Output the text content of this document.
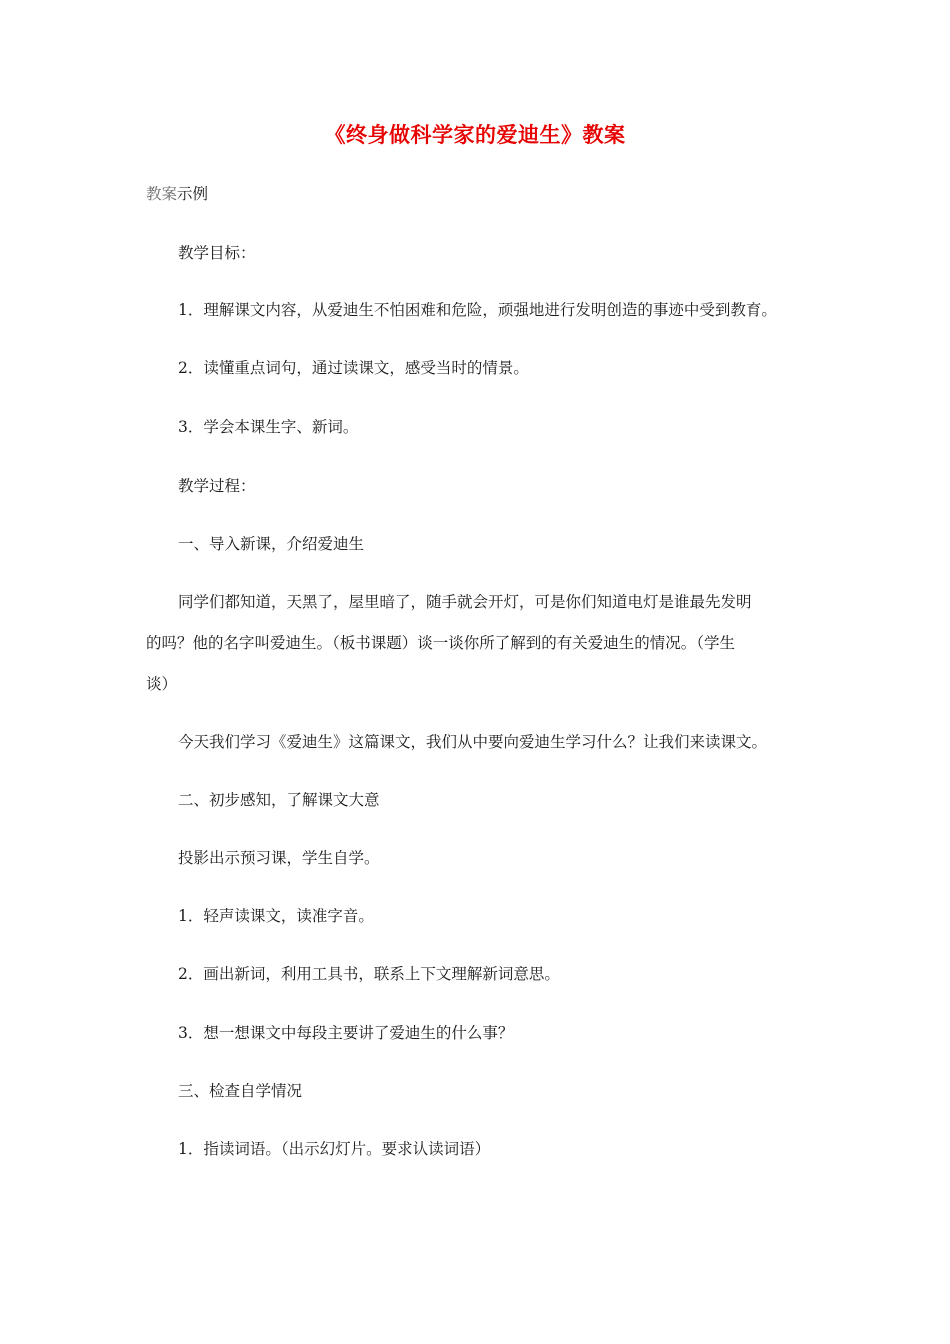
《终身做科学家的爱迪生》教案
教案示例
教学目标：
1．理解课文内容，从爱迪生不怕困难和危险，顽强地进行发明创造的事迹中受到教育。
2．读懂重点词句，通过读课文，感受当时的情景。
3．学会本课生字、新词。
教学过程：
一、导入新课，介绍爱迪生
同学们都知道，天黑了，屋里暗了，随手就会开灯，可是你们知道电灯是谁最先发明
的吗？他的名字叫爱迪生。（板书课题）谈一谈你所了解到的有关爱迪生的情况。（学生
谈）
今天我们学习《爱迪生》这篇课文，我们从中要向爱迪生学习什么？让我们来读课文。
二、初步感知，了解课文大意
投影出示预习课，学生自学。
1．轻声读课文，读准字音。
2．画出新词，利用工具书，联系上下文理解新词意思。
3．想一想课文中每段主要讲了爱迪生的什么事？
三、检查自学情况
1．指读词语。（出示幻灯片。要求认读词语）
